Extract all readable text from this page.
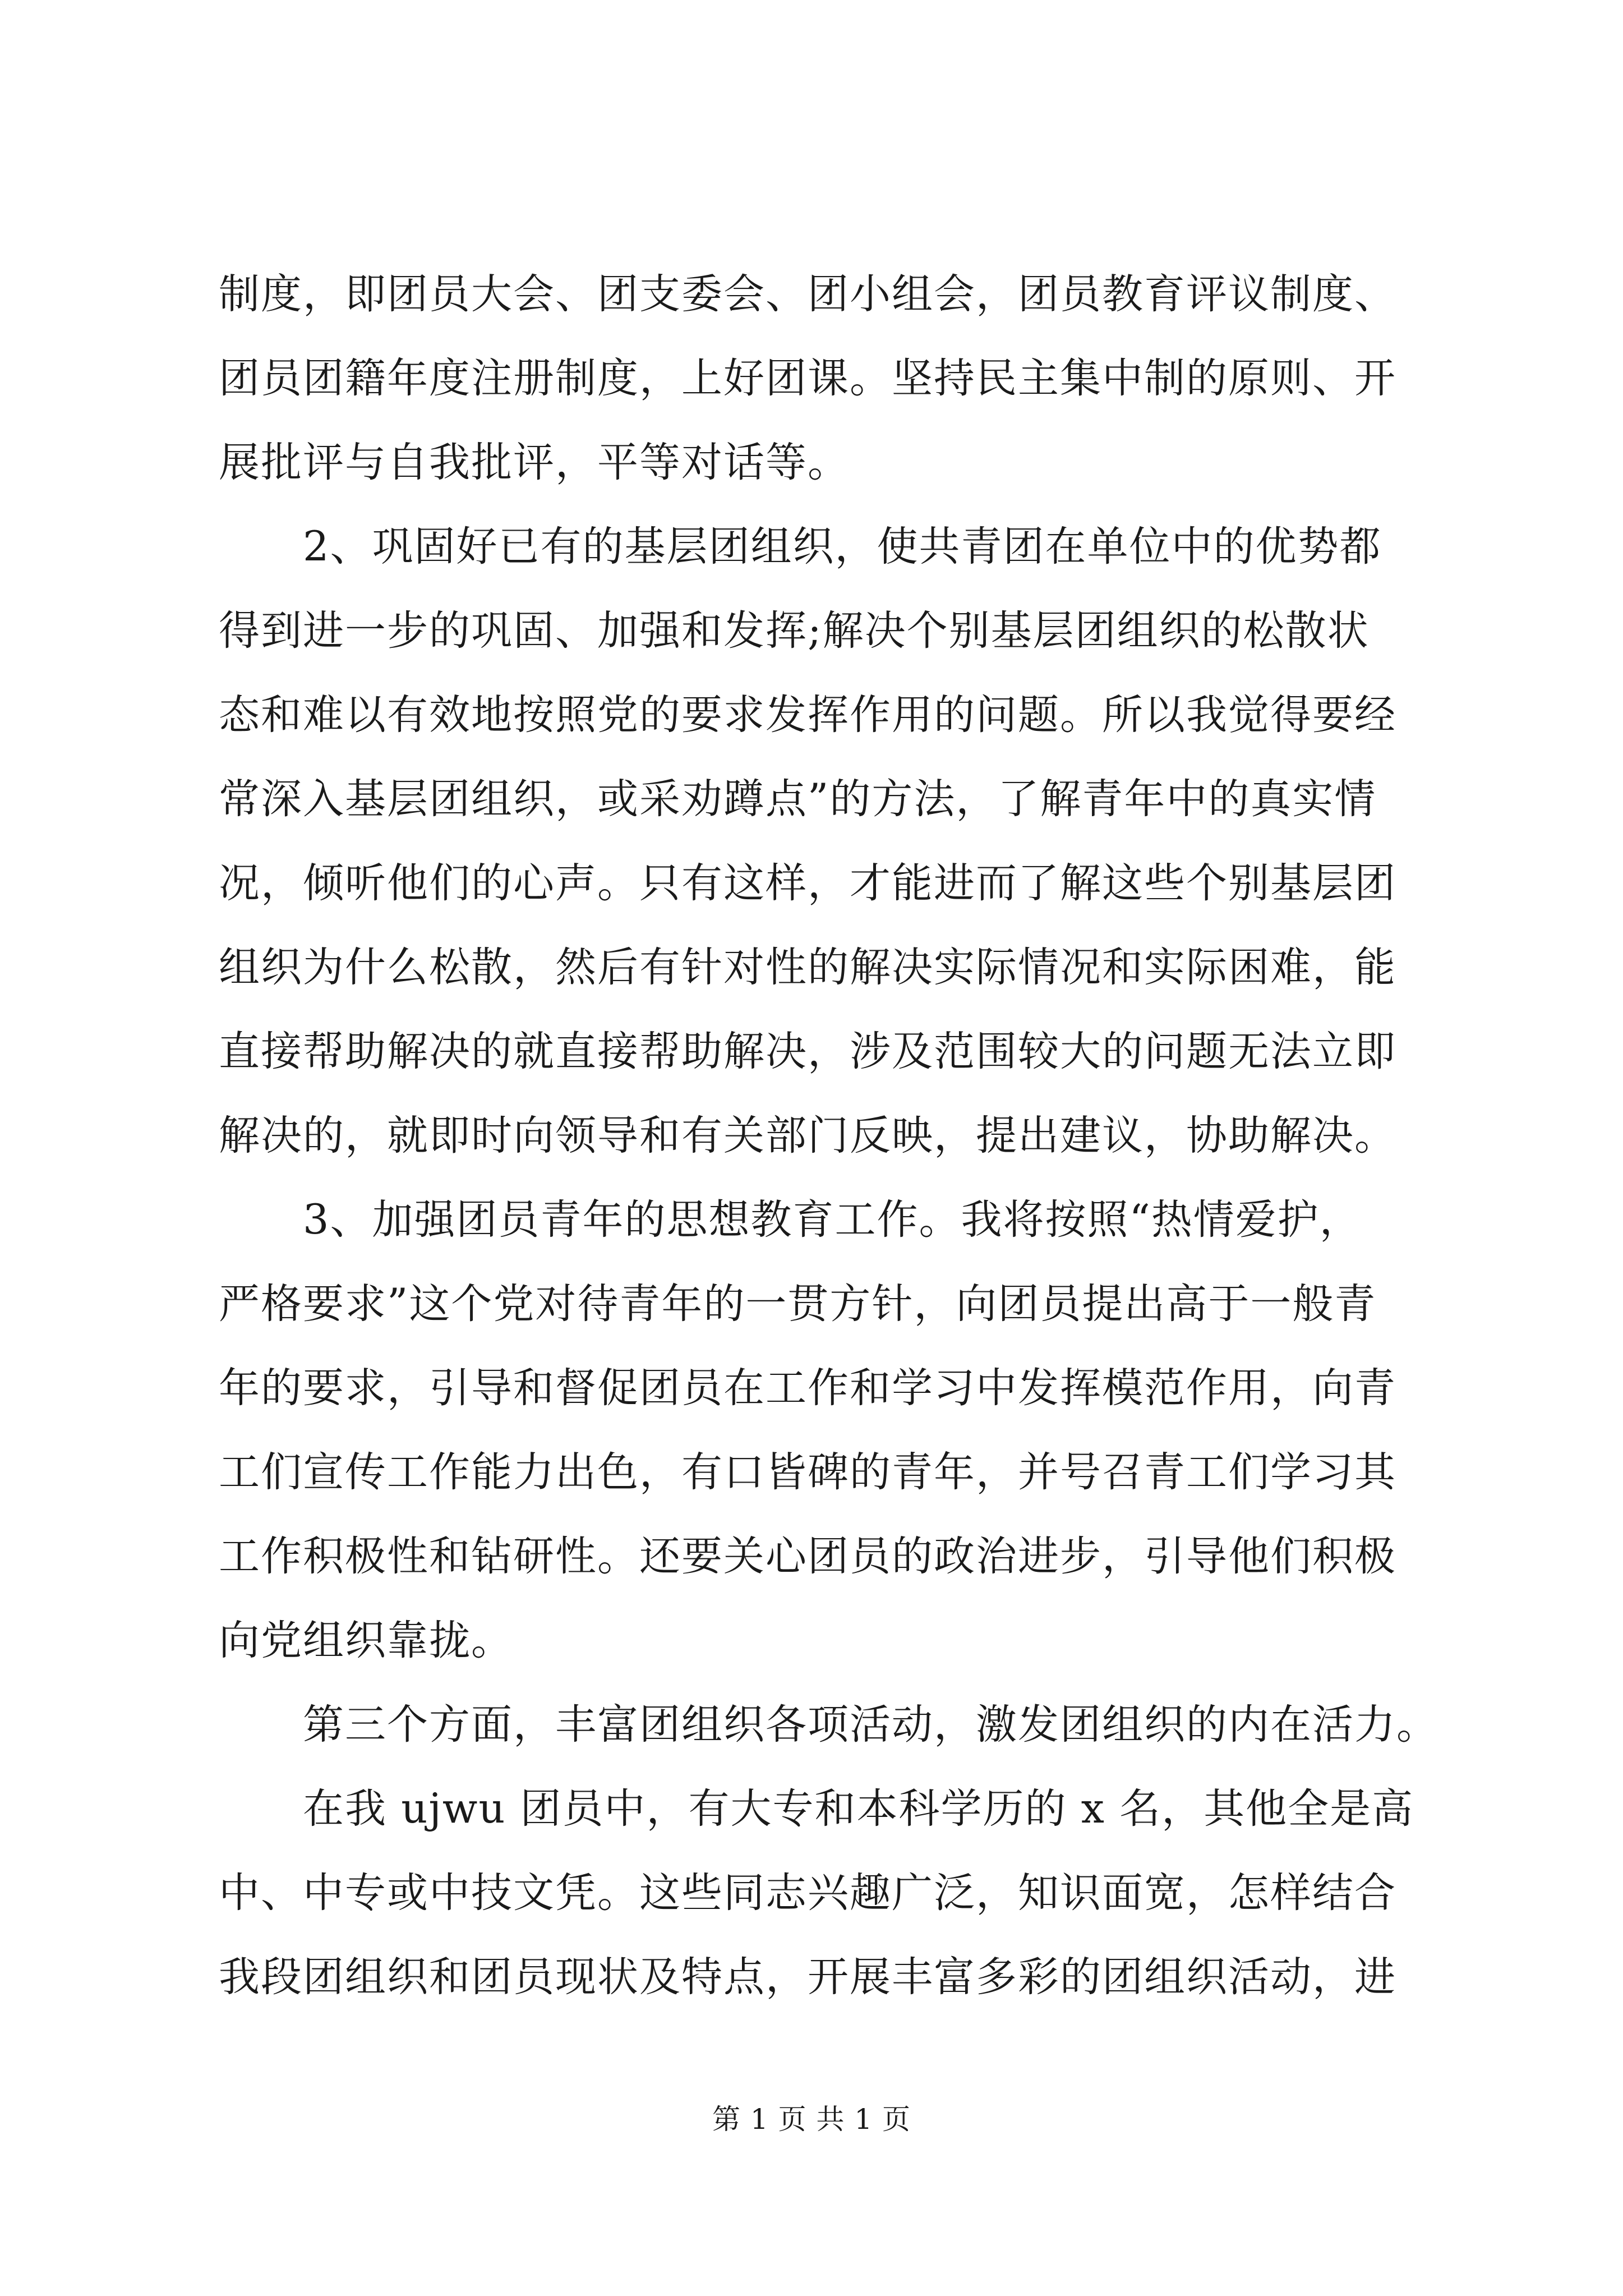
制度，即团员大会、团支委会、团小组会，团员教育评议制度、
团员团籍年度注册制度，上好团课。坚持民主集中制的原则、开
展批评与自我批评，平等对话等。
2、巩固好已有的基层团组织，使共青团在单位中的优势都
得到进一步的巩固、加强和发挥;解决个别基层团组织的松散状
态和难以有效地按照党的要求发挥作用的问题。所以我觉得要经
常深入基层团组织，或采劝蹲点”的方法，了解青年中的真实情
况，倾听他们的心声。只有这样，才能进而了解这些个别基层团
组织为什么松散，然后有针对性的解决实际情况和实际困难，能
直接帮助解决的就直接帮助解决，涉及范围较大的问题无法立即
解决的，就即时向领导和有关部门反映，提出建议，协助解决。
3、加强团员青年的思想教育工作。我将按照“热情爱护，
严格要求”这个党对待青年的一贯方针，向团员提出高于一般青
年的要求，引导和督促团员在工作和学习中发挥模范作用，向青
工们宣传工作能力出色，有口皆碑的青年，并号召青工们学习其
工作积极性和钻研性。还要关心团员的政治进步，引导他们积极
向党组织靠拢。
第三个方面，丰富团组织各项活动，激发团组织的内在活力。
在我 ujwu 团员中，有大专和本科学历的 x 名，其他全是高
中、中专或中技文凭。这些同志兴趣广泛，知识面宽，怎样结合
我段团组织和团员现状及特点，开展丰富多彩的团组织活动，进
第 1 页 共 1 页
